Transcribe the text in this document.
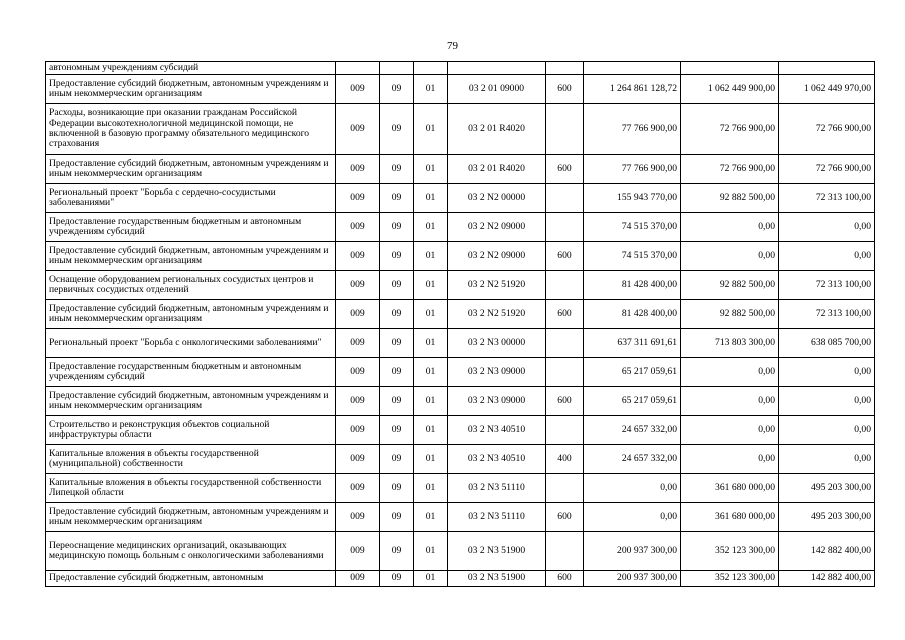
79
автономным учреждениям субсидий								
Предоставление субсидий бюджетным, автономным учреждениям и иным некоммерческим организациям	009	09	01	03 2 01 09000	600	1 264 861 128,72	1 062 449 900,00	1 062 449 970,00
Расходы, возникающие при оказании гражданам Российской Федерации высокотехнологичной медицинской помощи, не включенной в базовую программу обязательного медицинского страхования	009	09	01	03 2 01 R4020		77 766 900,00	72 766 900,00	72 766 900,00
Предоставление субсидий бюджетным, автономным учреждениям и иным некоммерческим организациям	009	09	01	03 2 01 R4020	600	77 766 900,00	72 766 900,00	72 766 900,00
Региональный проект "Борьба с сердечно-сосудистыми заболеваниями"	009	09	01	03 2 N2 00000		155 943 770,00	92 882 500,00	72 313 100,00
Предоставление государственным бюджетным и автономным учреждениям субсидий	009	09	01	03 2 N2 09000		74 515 370,00	0,00	0,00
Предоставление субсидий бюджетным, автономным учреждениям и иным некоммерческим организациям	009	09	01	03 2 N2 09000	600	74 515 370,00	0,00	0,00
Оснащение оборудованием региональных сосудистых центров и первичных сосудистых отделений	009	09	01	03 2 N2 51920		81 428 400,00	92 882 500,00	72 313 100,00
Предоставление субсидий бюджетным, автономным учреждениям и иным некоммерческим организациям	009	09	01	03 2 N2 51920	600	81 428 400,00	92 882 500,00	72 313 100,00
Региональный проект "Борьба с онкологическими заболеваниями"	009	09	01	03 2 N3 00000		637 311 691,61	713 803 300,00	638 085 700,00
Предоставление государственным бюджетным и автономным учреждениям субсидий	009	09	01	03 2 N3 09000		65 217 059,61	0,00	0,00
Предоставление субсидий бюджетным, автономным учреждениям и иным некоммерческим организациям	009	09	01	03 2 N3 09000	600	65 217 059,61	0,00	0,00
Строительство и реконструкция объектов социальной инфраструктуры области	009	09	01	03 2 N3 40510		24 657 332,00	0,00	0,00
Капитальные вложения в объекты государственной (муниципальной) собственности	009	09	01	03 2 N3 40510	400	24 657 332,00	0,00	0,00
Капитальные вложения в объекты государственной собственности Липецкой области	009	09	01	03 2 N3 51110		0,00	361 680 000,00	495 203 300,00
Предоставление субсидий бюджетным, автономным учреждениям и иным некоммерческим организациям	009	09	01	03 2 N3 51110	600	0,00	361 680 000,00	495 203 300,00
Переоснащение медицинских организаций, оказывающих медицинскую помощь больным с онкологическими заболеваниями	009	09	01	03 2 N3 51900		200 937 300,00	352 123 300,00	142 882 400,00
Предоставление субсидий бюджетным, автономным	009	09	01	03 2 N3 51900	600	200 937 300,00	352 123 300,00	142 882 400,00
